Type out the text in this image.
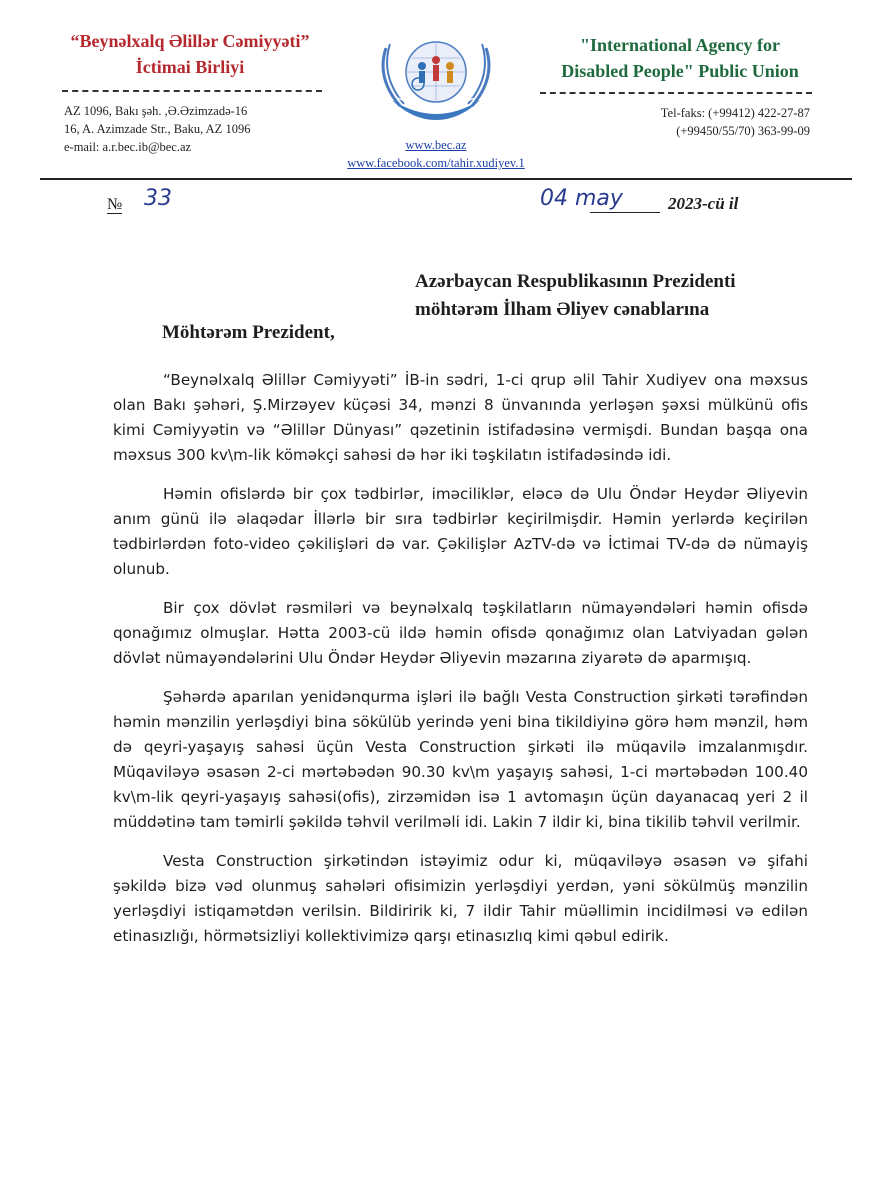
“Beynəlxalq Əlillər Cəmiyyəti”
İctimai Birliyi
"International Agency for
Disabled People" Public Union
AZ 1096, Bakı şəh. ,Ə.Əzimzadə-16
16, A. Azimzade Str., Baku, AZ 1096
e-mail: a.r.bec.ib@bec.az	www.bec.az
www.facebook.com/tahir.xudiyev.1
Tel-faks: (+99412) 422-27-87
(+99450/55/70) 363-99-09
№ 33	04 may	2023-cü il
Azərbaycan Respublikasının Prezidenti
möhtərəm İlham Əliyev cənablarına
Möhtərəm Prezident,

“Beynəlxalq Əlillər Cəmiyyəti” İB-in sədri, 1-ci qrup əlil Tahir Xudiyev ona məxsus olan Bakı şəhəri, Ş.Mirzəyev küçəsi 34, mənzi 8 ünvanında yerləşən şəxsi mülkünü ofis kimi Cəmiyyətin və “Əlillər Dünyası” qəzetinin istifadəsinə vermişdi. Bundan başqa ona məxsus 300 kv\m-lik köməkçi sahəsi də hər iki təşkilatın istifadəsində idi.

Həmin ofislərdə bir çox tədbirlər, iməciliklər, eləcə də Ulu Öndər Heydər Əliyevin anım günü ilə əlaqədar İllərlə bir sıra tədbirlər keçirilmişdir. Həmin yerlərdə keçirilən tədbirlərdən foto-video çəkilişləri də var. Çəkilişlər AzTV-də və İctimai TV-də də nümayiş olunub.

Bir çox dövlət rəsmiləri və beynəlxalq təşkilatların nümayəndələri həmin ofisdə qonağımız olmuşlar. Hətta 2003-cü ildə həmin ofisdə qonağımız olan Latviyadan gələn dövlət nümayəndələrini Ulu Öndər Heydər Əliyevin məzarına ziyarətə də aparmışıq.

Şəhərdə aparılan yenidənqurma işləri ilə bağlı Vesta Construction şirkəti tərəfindən həmin mənzilin yerləşdiyi bina sökülüb yerində yeni bina tikildiyinə görə həm mənzil, həm də qeyri-yaşayış sahəsi üçün Vesta Construction şirkəti ilə müqavilə imzalanmışdır. Müqaviləyə əsasən 2-ci mərtəbədən 90.30 kv\m yaşayış sahəsi, 1-ci mərtəbədən 100.40 kv\m-lik qeyri-yaşayış sahəsi(ofis), zirzəmidən isə 1 avtomaşın üçün dayanacaq yeri 2 il müddətinə tam təmirli şəkildə təhvil verilməli idi. Lakin 7 ildir ki, bina tikilib təhvil verilmir.

Vesta Construction şirkətindən istəyimiz odur ki, müqaviləyə əsasən və şifahi şəkildə bizə vəd olunmuş sahələri ofisimizin yerləşdiyi yerdən, yəni sökülmüş mənzilin yerləşdiyi istiqamətdən verilsin. Bildiririk ki, 7 ildir Tahir müəllimin incidilməsi və edilən etinasızlığı, hörmətsizliyi kollektivimizə qarşı etinasızlıq kimi qəbul edirik.
